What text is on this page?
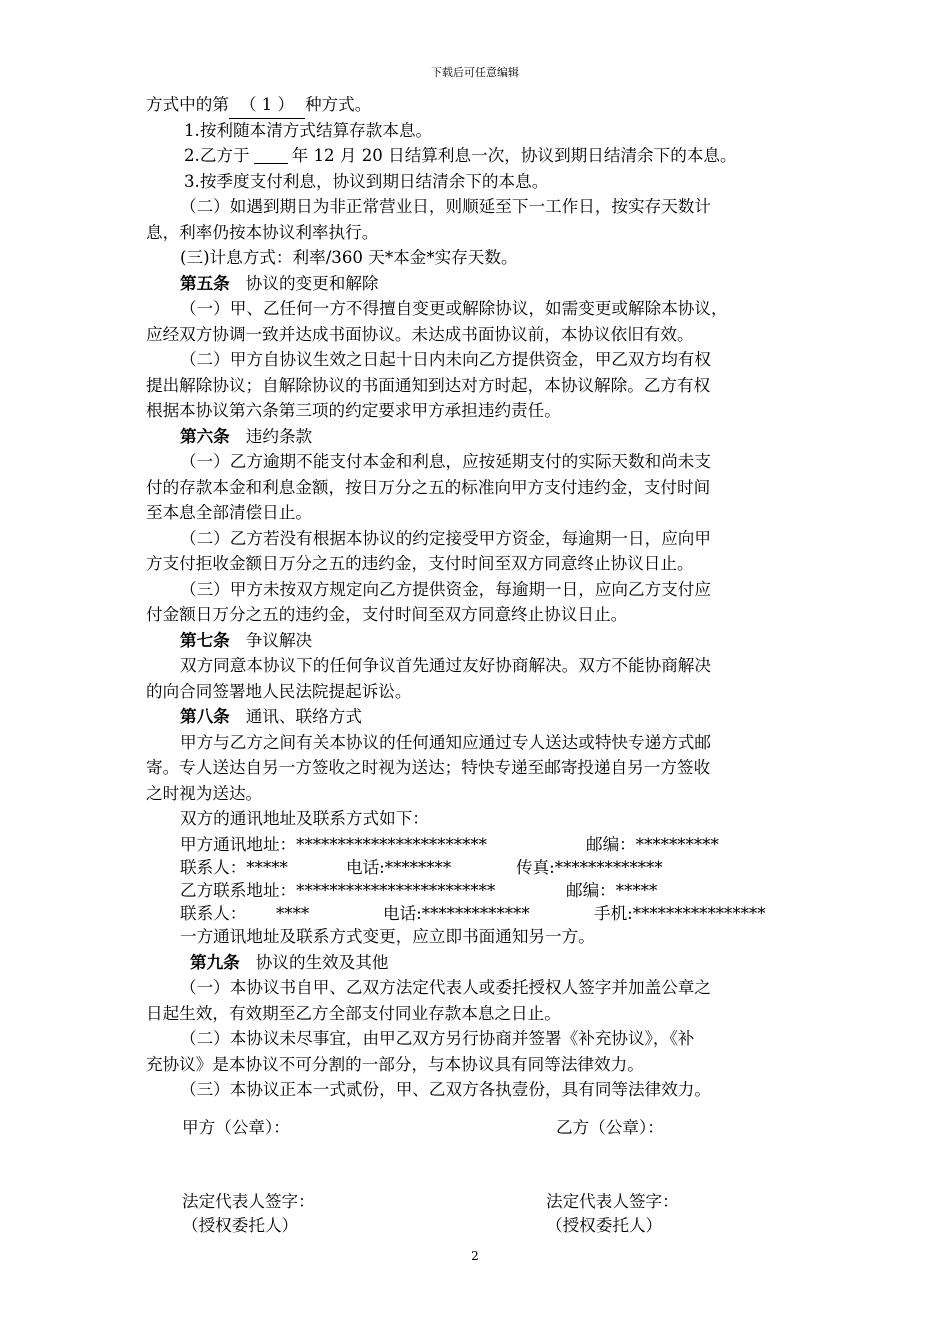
下载后可任意编辑
方式中的第 （ 1 ） 种方式。
1.按利随本清方式结算存款本息。
2.乙方于	年 12 月 20 日结算利息一次，协议到期日结清余下的本息。
3.按季度支付利息，协议到期日结清余下的本息。
（二）如遇到期日为非正常营业日，则顺延至下一工作日，按实存天数计
息，利率仍按本协议利率执行。
(三)计息方式：利率/360 天*本金*实存天数。
第五条 协议的变更和解除
（一）甲、乙任何一方不得擅自变更或解除协议，如需变更或解除本协议，
应经双方协调一致并达成书面协议。未达成书面协议前，本协议依旧有效。
（二）甲方自协议生效之日起十日内未向乙方提供资金，甲乙双方均有权
提出解除协议；自解除协议的书面通知到达对方时起，本协议解除。乙方有权
根据本协议第六条第三项的约定要求甲方承担违约责任。
第六条 违约条款
（一）乙方逾期不能支付本金和利息，应按延期支付的实际天数和尚未支
付的存款本金和利息金额，按日万分之五的标准向甲方支付违约金，支付时间
至本息全部清偿日止。
（二）乙方若没有根据本协议的约定接受甲方资金，每逾期一日，应向甲
方支付拒收金额日万分之五的违约金，支付时间至双方同意终止协议日止。
（三）甲方未按双方规定向乙方提供资金，每逾期一日，应向乙方支付应
付金额日万分之五的违约金，支付时间至双方同意终止协议日止。
第七条 争议解决
双方同意本协议下的任何争议首先通过友好协商解决。双方不能协商解决
的向合同签署地人民法院提起诉讼。
第八条 通讯、联络方式
甲方与乙方之间有关本协议的任何通知应通过专人送达或特快专递方式邮
寄。专人送达自另一方签收之时视为送达；特快专递至邮寄投递自另一方签收
之时视为送达。
双方的通讯地址及联系方式如下：
甲方通讯地址：***********************	邮编：**********
联系人：*****	电话:********	传真:*************
乙方联系地址：************************	邮编：*****
联系人： ****	电话:*************	手机:****************
一方通讯地址及联系方式变更，应立即书面通知另一方。
第九条 协议的生效及其他
（一）本协议书自甲、乙双方法定代表人或委托授权人签字并加盖公章之
日起生效，有效期至乙方全部支付同业存款本息之日止。
（二）本协议未尽事宜，由甲乙双方另行协商并签署《补充协议》，《补
充协议》是本协议不可分割的一部分，与本协议具有同等法律效力。
（三）本协议正本一式贰份，甲、乙双方各执壹份，具有同等法律效力。
甲方（公章）：	乙方（公章）：
法定代表人签字：	法定代表人签字：
（授权委托人）	（授权委托人）
2
